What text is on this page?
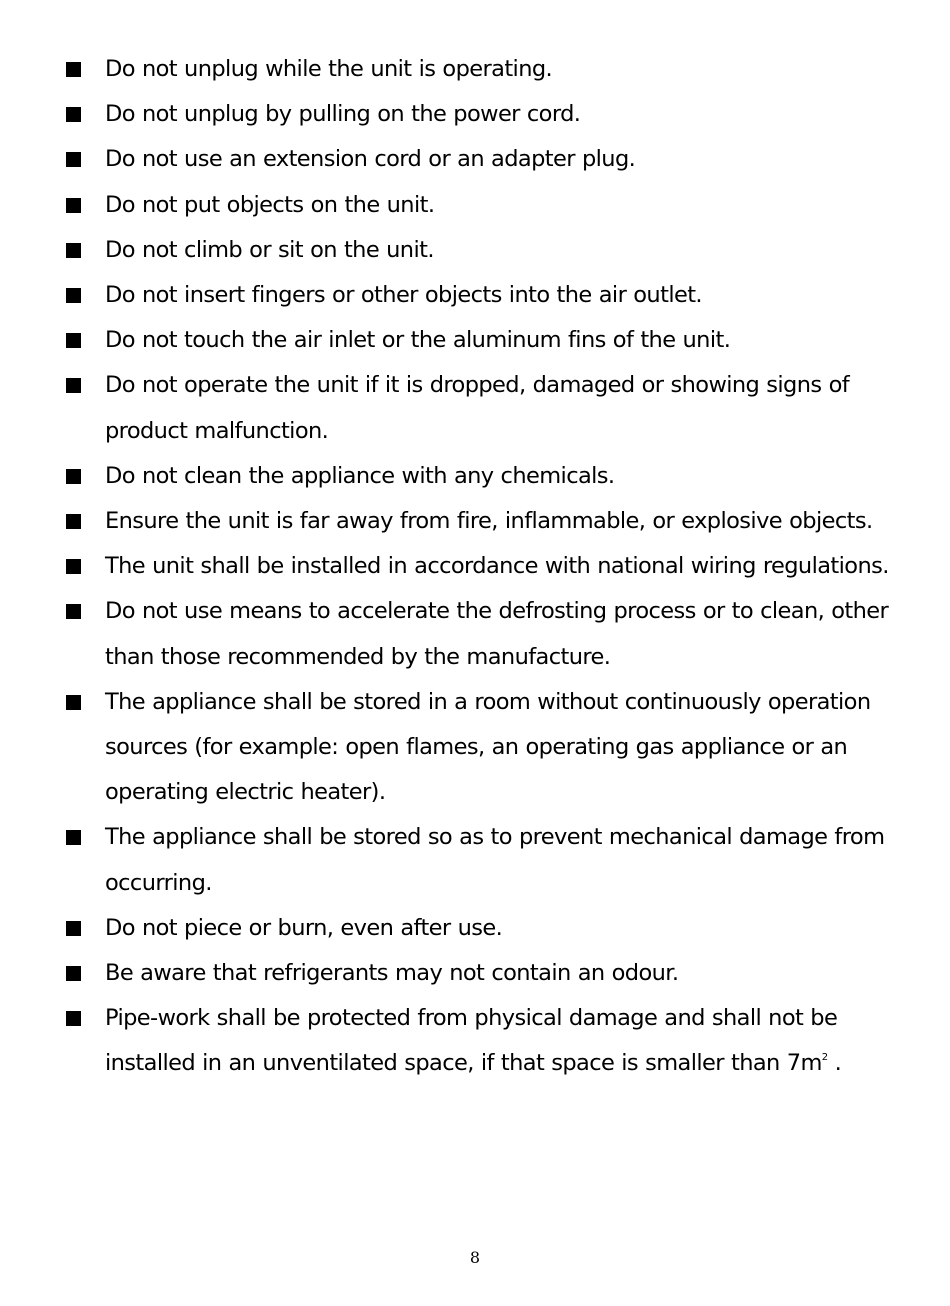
Do not unplug while the unit is operating.
Do not unplug by pulling on the power cord.
Do not use an extension cord or an adapter plug.
Do not put objects on the unit.
Do not climb or sit on the unit.
Do not insert fingers or other objects into the air outlet.
Do not touch the air inlet or the aluminum fins of the unit.
Do not operate the unit if it is dropped, damaged or showing signs of product malfunction.
Do not clean the appliance with any chemicals.
Ensure the unit is far away from fire, inflammable, or explosive objects.
The unit shall be installed in accordance with national wiring regulations.
Do not use means to accelerate the defrosting process or to clean, other than those recommended by the manufacture.
The appliance shall be stored in a room without continuously operation sources (for example: open flames, an operating gas appliance or an operating electric heater).
The appliance shall be stored so as to prevent mechanical damage from occurring.
Do not piece or burn, even after use.
Be aware that refrigerants may not contain an odour.
Pipe-work shall be protected from physical damage and shall not be installed in an unventilated space, if that space is smaller than $7m^2$ .
8
